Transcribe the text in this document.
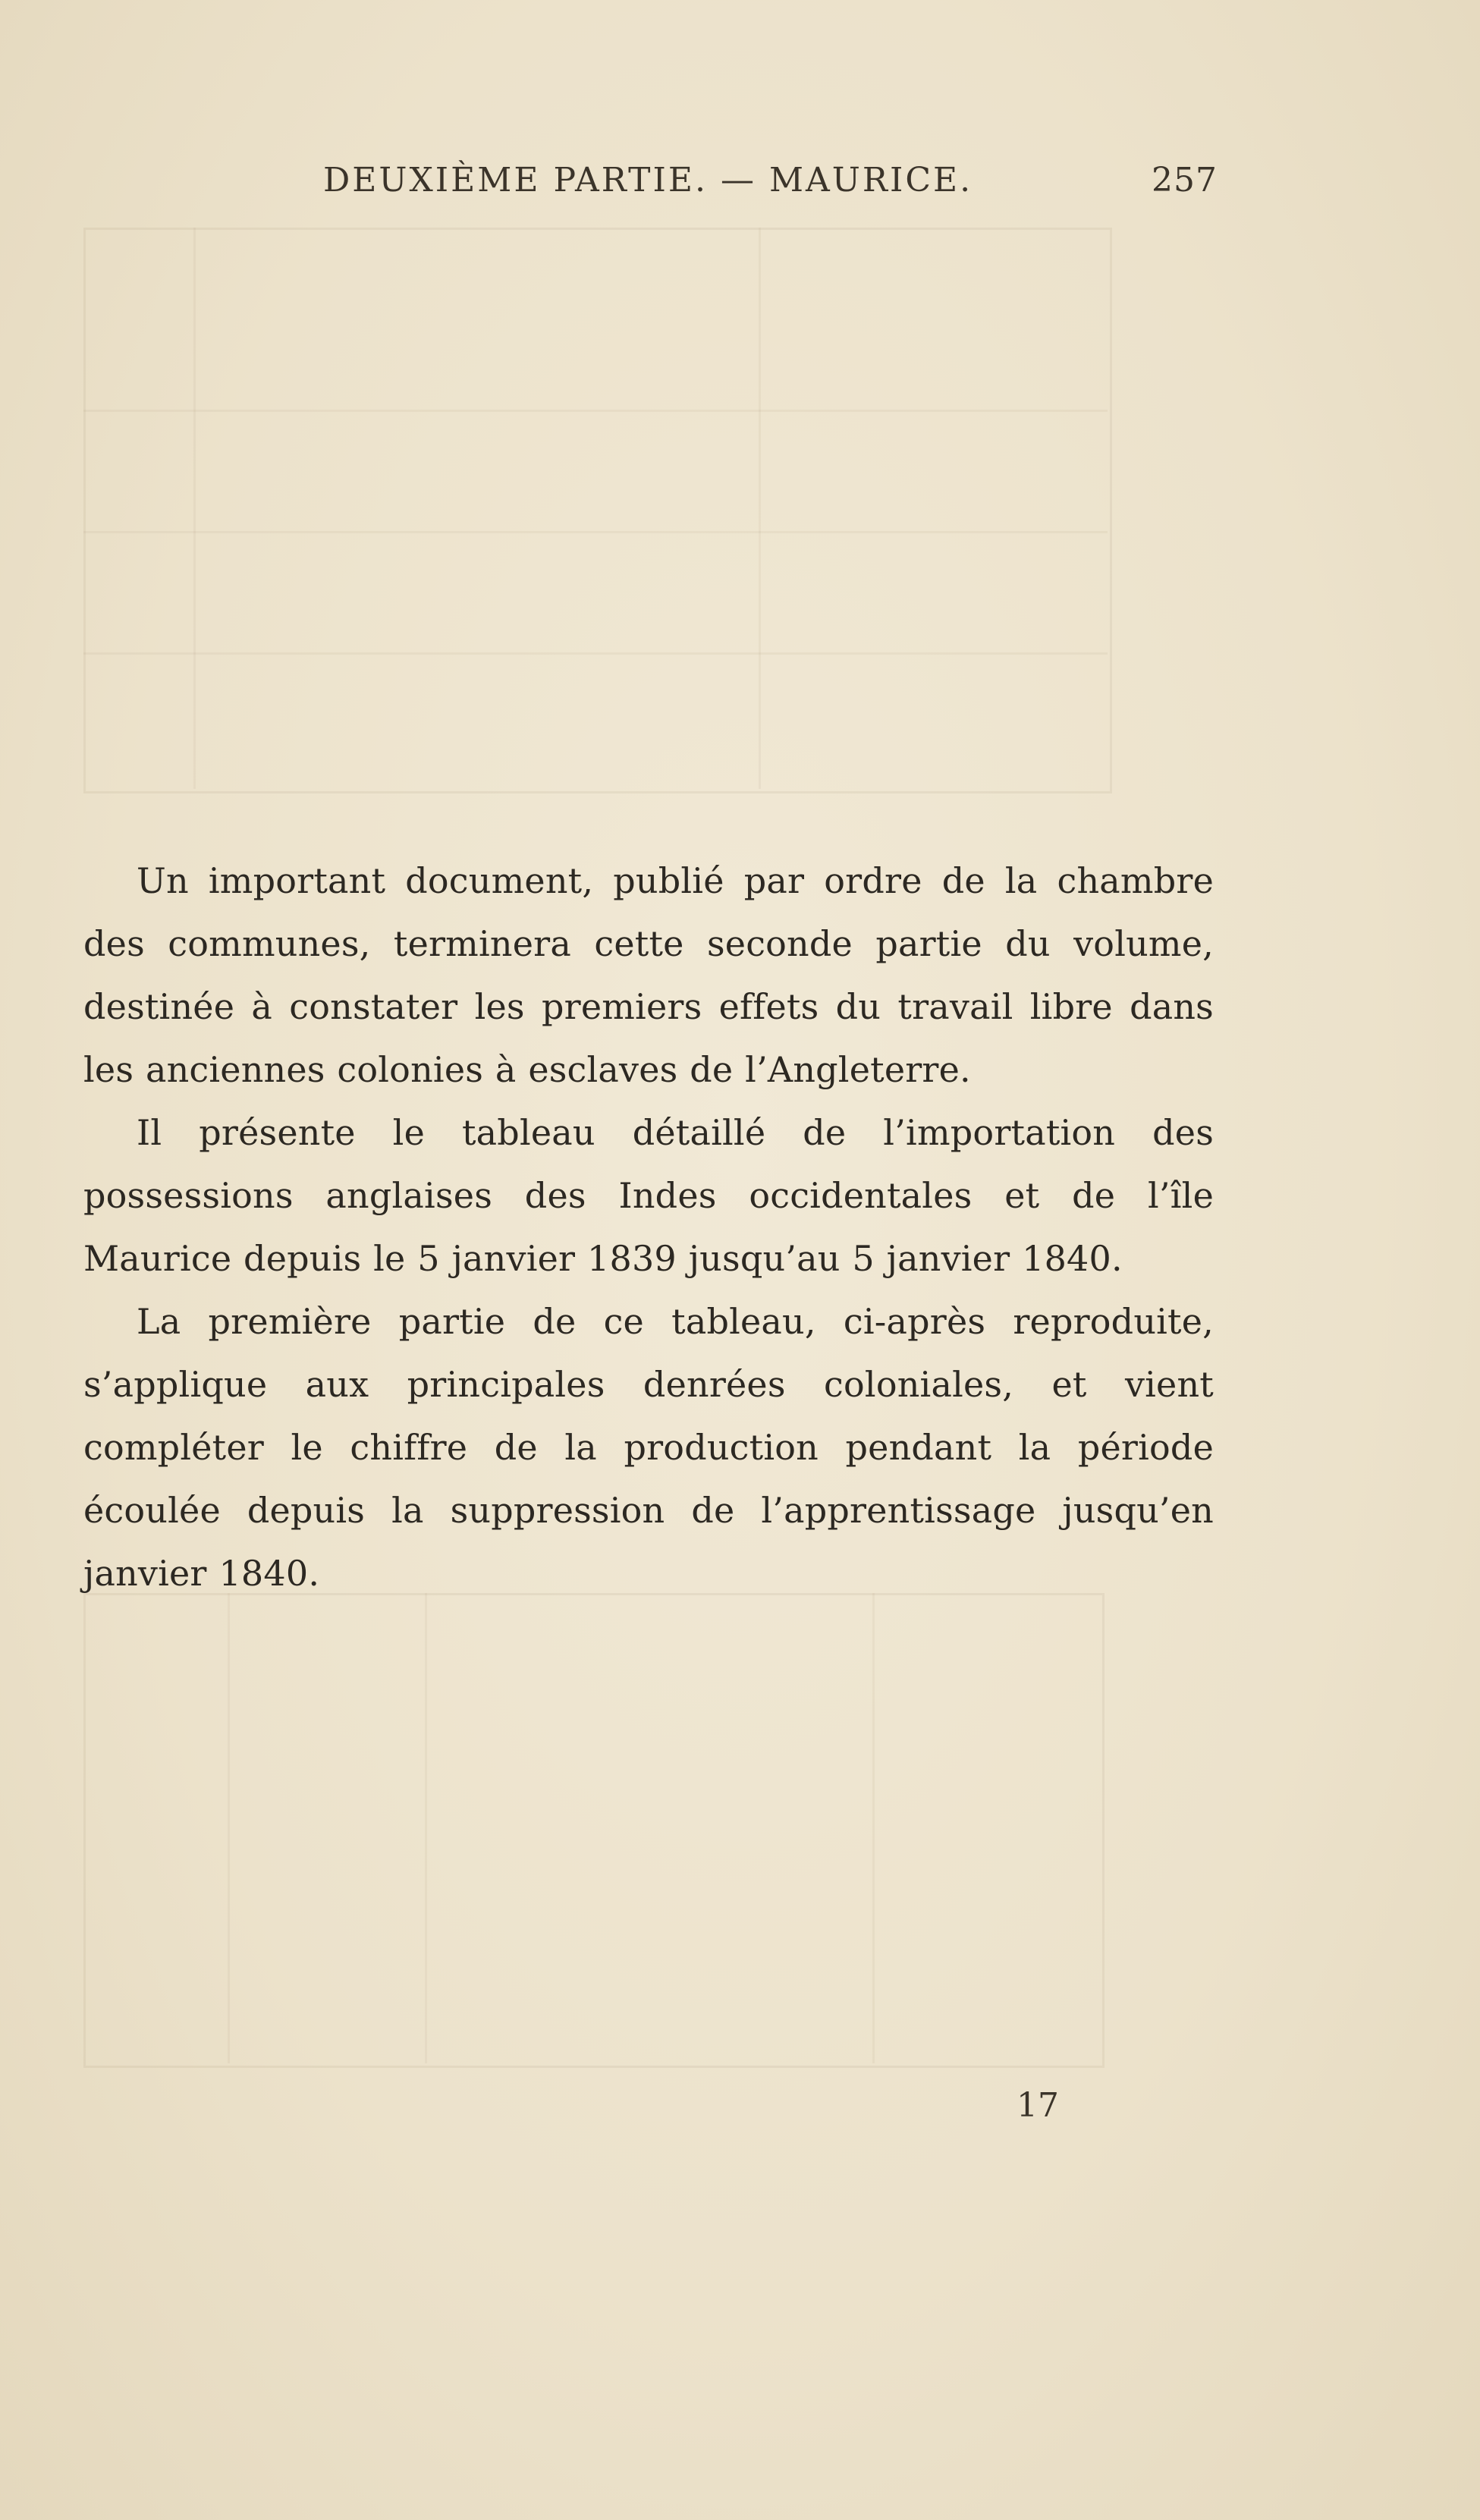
DEUXIÈME PARTIE. — MAURICE.	257

Un important document, publié par ordre de la chambre des communes, terminera cette seconde partie du volume, destinée à constater les premiers effets du travail libre dans les anciennes colonies à esclaves de l’Angleterre.

Il présente le tableau détaillé de l’importation des possessions anglaises des Indes occidentales et de l’île Maurice depuis le 5 janvier 1839 jusqu’au 5 janvier 1840.

La première partie de ce tableau, ci-après reproduite, s’applique aux principales denrées coloniales, et vient compléter le chiffre de la production pendant la période écoulée depuis la suppression de l’apprentissage jusqu’en janvier 1840.

17
